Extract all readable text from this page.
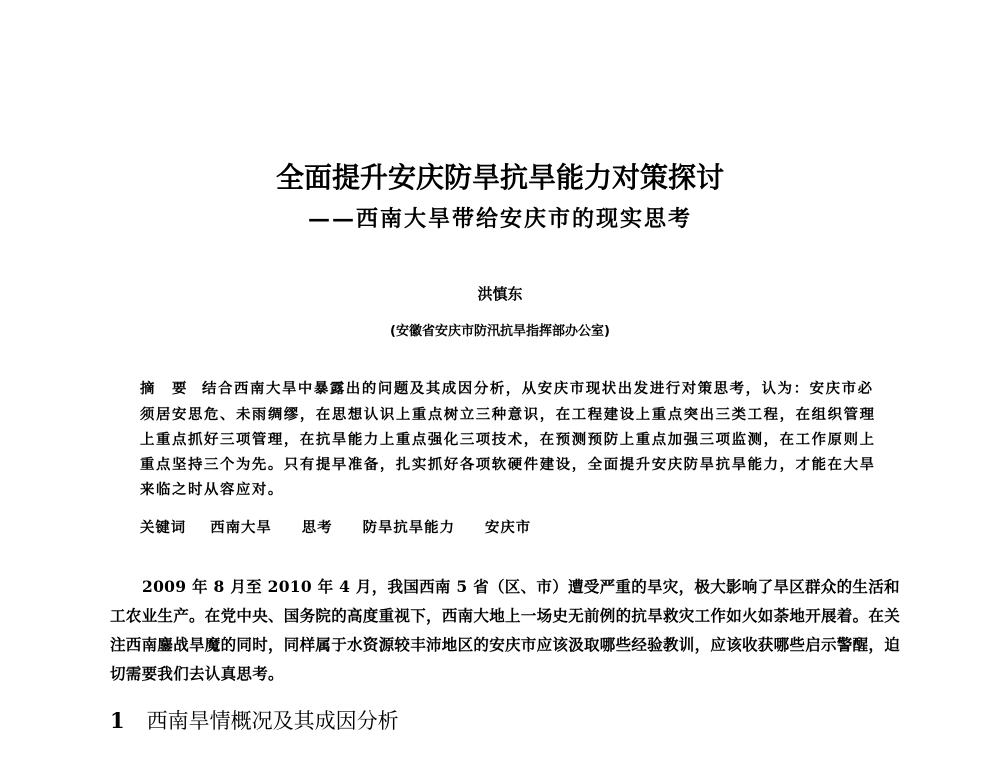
全面提升安庆防旱抗旱能力对策探讨
——西南大旱带给安庆市的现实思考
洪慎东
(安徽省安庆市防汛抗旱指挥部办公室)
摘　要 结合西南大旱中暴露出的问题及其成因分析，从安庆市现状出发进行对策思考，认为：安庆市必须居安思危、未雨绸缪，在思想认识上重点树立三种意识，在工程建设上重点突出三类工程，在组织管理上重点抓好三项管理，在抗旱能力上重点强化三项技术，在预测预防上重点加强三项监测，在工作原则上重点坚持三个为先。只有提早准备，扎实抓好各项软硬件建设，全面提升安庆防旱抗旱能力，才能在大旱来临之时从容应对。
关键词 西南大旱 思考 防旱抗旱能力 安庆市
2009 年 8 月至 2010 年 4 月，我国西南 5 省（区、市）遭受严重的旱灾，极大影响了旱区群众的生活和工农业生产。在党中央、国务院的高度重视下，西南大地上一场史无前例的抗旱救灾工作如火如荼地开展着。在关注西南鏖战旱魔的同时，同样属于水资源较丰沛地区的安庆市应该汲取哪些经验教训，应该收获哪些启示警醒，迫切需要我们去认真思考。
1 西南旱情概况及其成因分析
